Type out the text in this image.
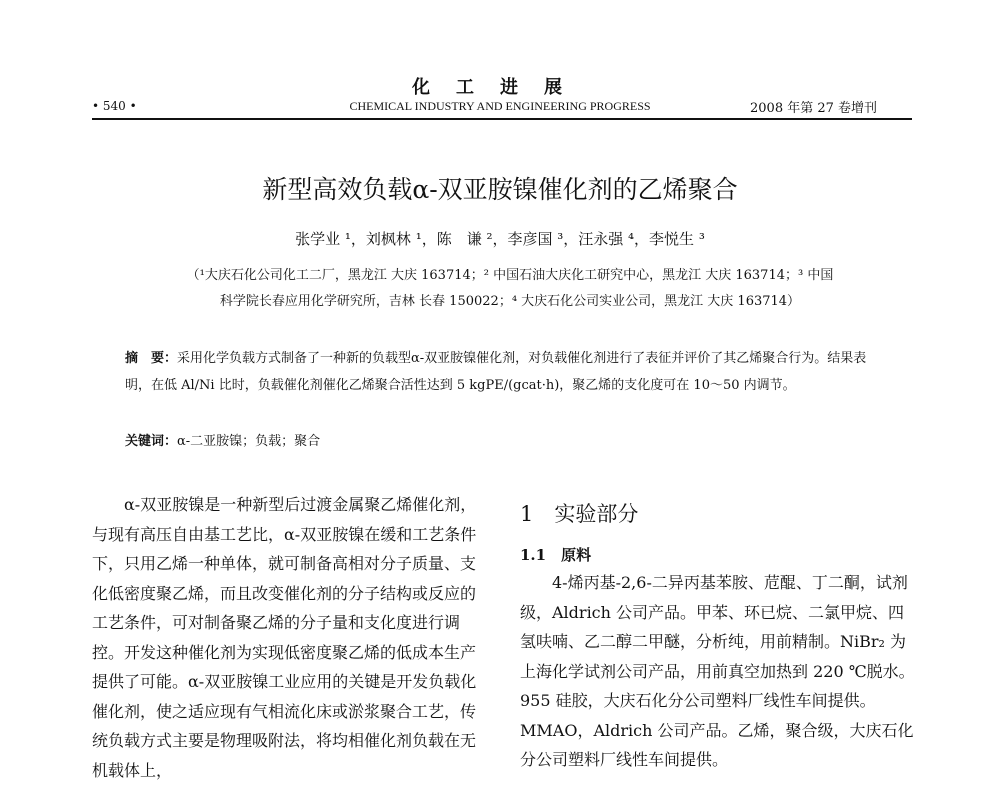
化工进展
• 540 •	CHEMICAL INDUSTRY AND ENGINEERING PROGRESS	2008 年第 27 卷增刊
新型高效负载α-双亚胺镍催化剂的乙烯聚合
张学业 ¹，刘枫林 ¹，陈　谦 ²，李彦国 ³，汪永强 ⁴，李悦生 ³
（¹大庆石化公司化工二厂，黑龙江 大庆 163714；² 中国石油大庆化工研究中心，黑龙江 大庆 163714；³ 中国
科学院长春应用化学研究所，吉林 长春 150022；⁴ 大庆石化公司实业公司，黑龙江 大庆 163714）
摘　要：采用化学负载方式制备了一种新的负载型α-双亚胺镍催化剂，对负载催化剂进行了表征并评价了其乙烯聚合行为。结果表明，在低 Al/Ni 比时，负载催化剂催化乙烯聚合活性达到 5 kgPE/(gcat·h)，聚乙烯的支化度可在 10～50 内调节。
关键词：α-二亚胺镍；负载；聚合

α-双亚胺镍是一种新型后过渡金属聚乙烯催化剂，与现有高压自由基工艺比，α-双亚胺镍在缓和工艺条件下，只用乙烯一种单体，就可制备高相对分子质量、支化低密度聚乙烯，而且改变催化剂的分子结构或反应的工艺条件，可对制备聚乙烯的分子量和支化度进行调控。开发这种催化剂为实现低密度聚乙烯的低成本生产提供了可能。α-双亚胺镍工业应用的关键是开发负载化催化剂，使之适应现有气相流化床或淤浆聚合工艺，传统负载方式主要是物理吸附法，将均相催化剂负载在无机载体上，

1　实验部分
1.1　原料

4-烯丙基-2,6-二异丙基苯胺、苊醌、丁二酮，试剂级，Aldrich 公司产品。甲苯、环已烷、二氯甲烷、四氢呋喃、乙二醇二甲醚，分析纯，用前精制。NiBr₂ 为上海化学试剂公司产品，用前真空加热到 220 ℃脱水。955 硅胶，大庆石化分公司塑料厂线性车间提供。MMAO，Aldrich 公司产品。乙烯，聚合级，大庆石化分公司塑料厂线性车间提供。
